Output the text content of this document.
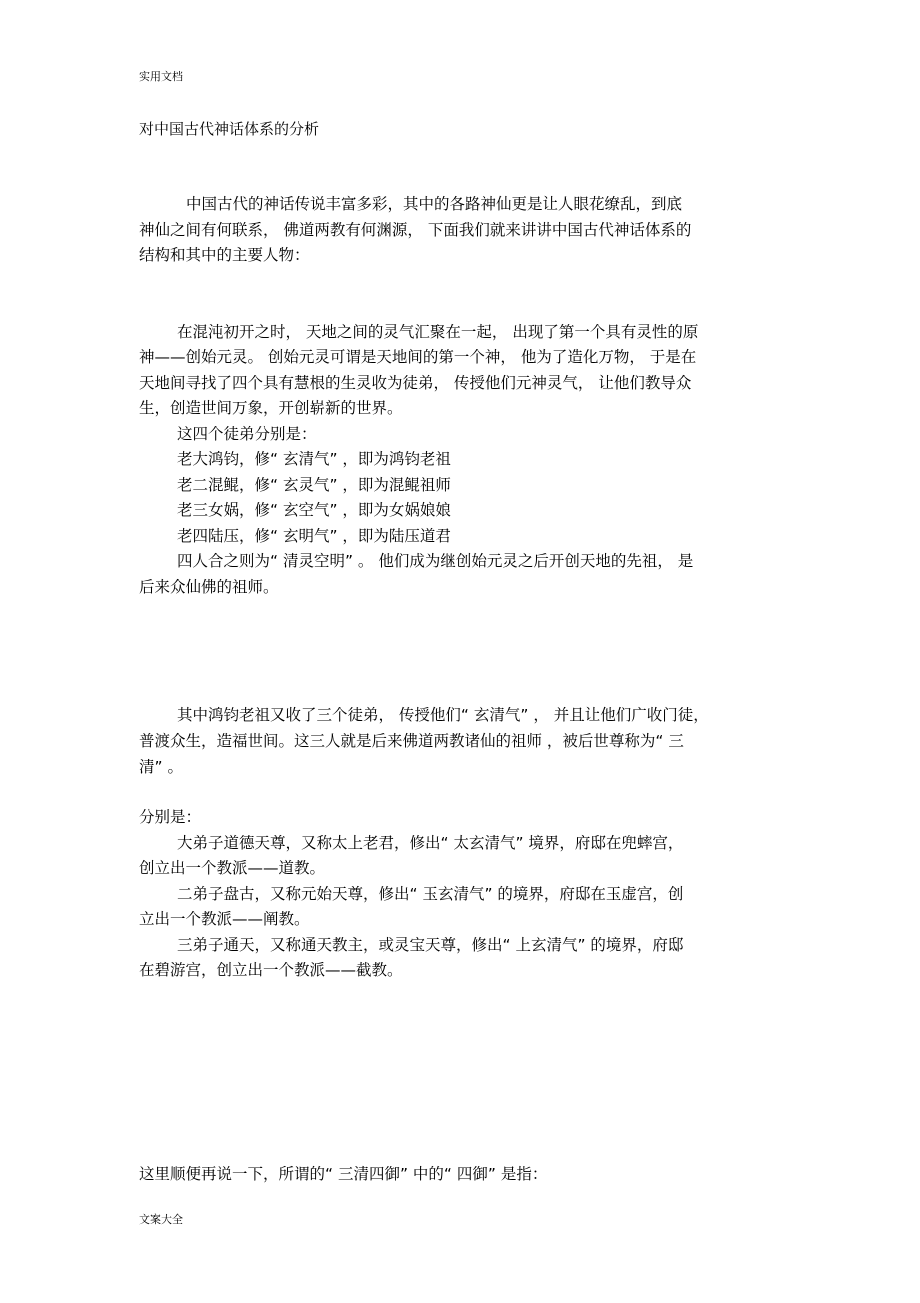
实用文档
对中国古代神话体系的分析
中国古代的神话传说丰富多彩，其中的各路神仙更是让人眼花缭乱，到底
神仙之间有何联系， 佛道两教有何渊源， 下面我们就来讲讲中国古代神话体系的
结构和其中的主要人物：
在混沌初开之时， 天地之间的灵气汇聚在一起， 出现了第一个具有灵性的原
神——创始元灵。 创始元灵可谓是天地间的第一个神， 他为了造化万物， 于是在
天地间寻找了四个具有慧根的生灵收为徒弟， 传授他们元神灵气， 让他们教导众
生，创造世间万象，开创崭新的世界。
这四个徒弟分别是：
老大鸿钧，修“ 玄清气” ，即为鸿钧老祖
老二混鲲，修“ 玄灵气” ，即为混鲲祖师
老三女娲，修“ 玄空气” ，即为女娲娘娘
老四陆压，修“ 玄明气” ，即为陆压道君
四人合之则为“ 清灵空明” 。 他们成为继创始元灵之后开创天地的先祖， 是
后来众仙佛的祖师。
其中鸿钧老祖又收了三个徒弟， 传授他们“ 玄清气” ， 并且让他们广收门徒，
普渡众生，造福世间。这三人就是后来佛道两教诸仙的祖师 ，被后世尊称为“ 三
清” 。
分别是：
大弟子道德天尊，又称太上老君，修出“ 太玄清气” 境界，府邸在兜蟀宫，
创立出一个教派——道教。
二弟子盘古，又称元始天尊，修出“ 玉玄清气” 的境界，府邸在玉虚宫，创
立出一个教派——阐教。
三弟子通天，又称通天教主，或灵宝天尊，修出“ 上玄清气” 的境界，府邸
在碧游宫，创立出一个教派——截教。
这里顺便再说一下，所谓的“ 三清四御” 中的“ 四御” 是指：
文案大全
